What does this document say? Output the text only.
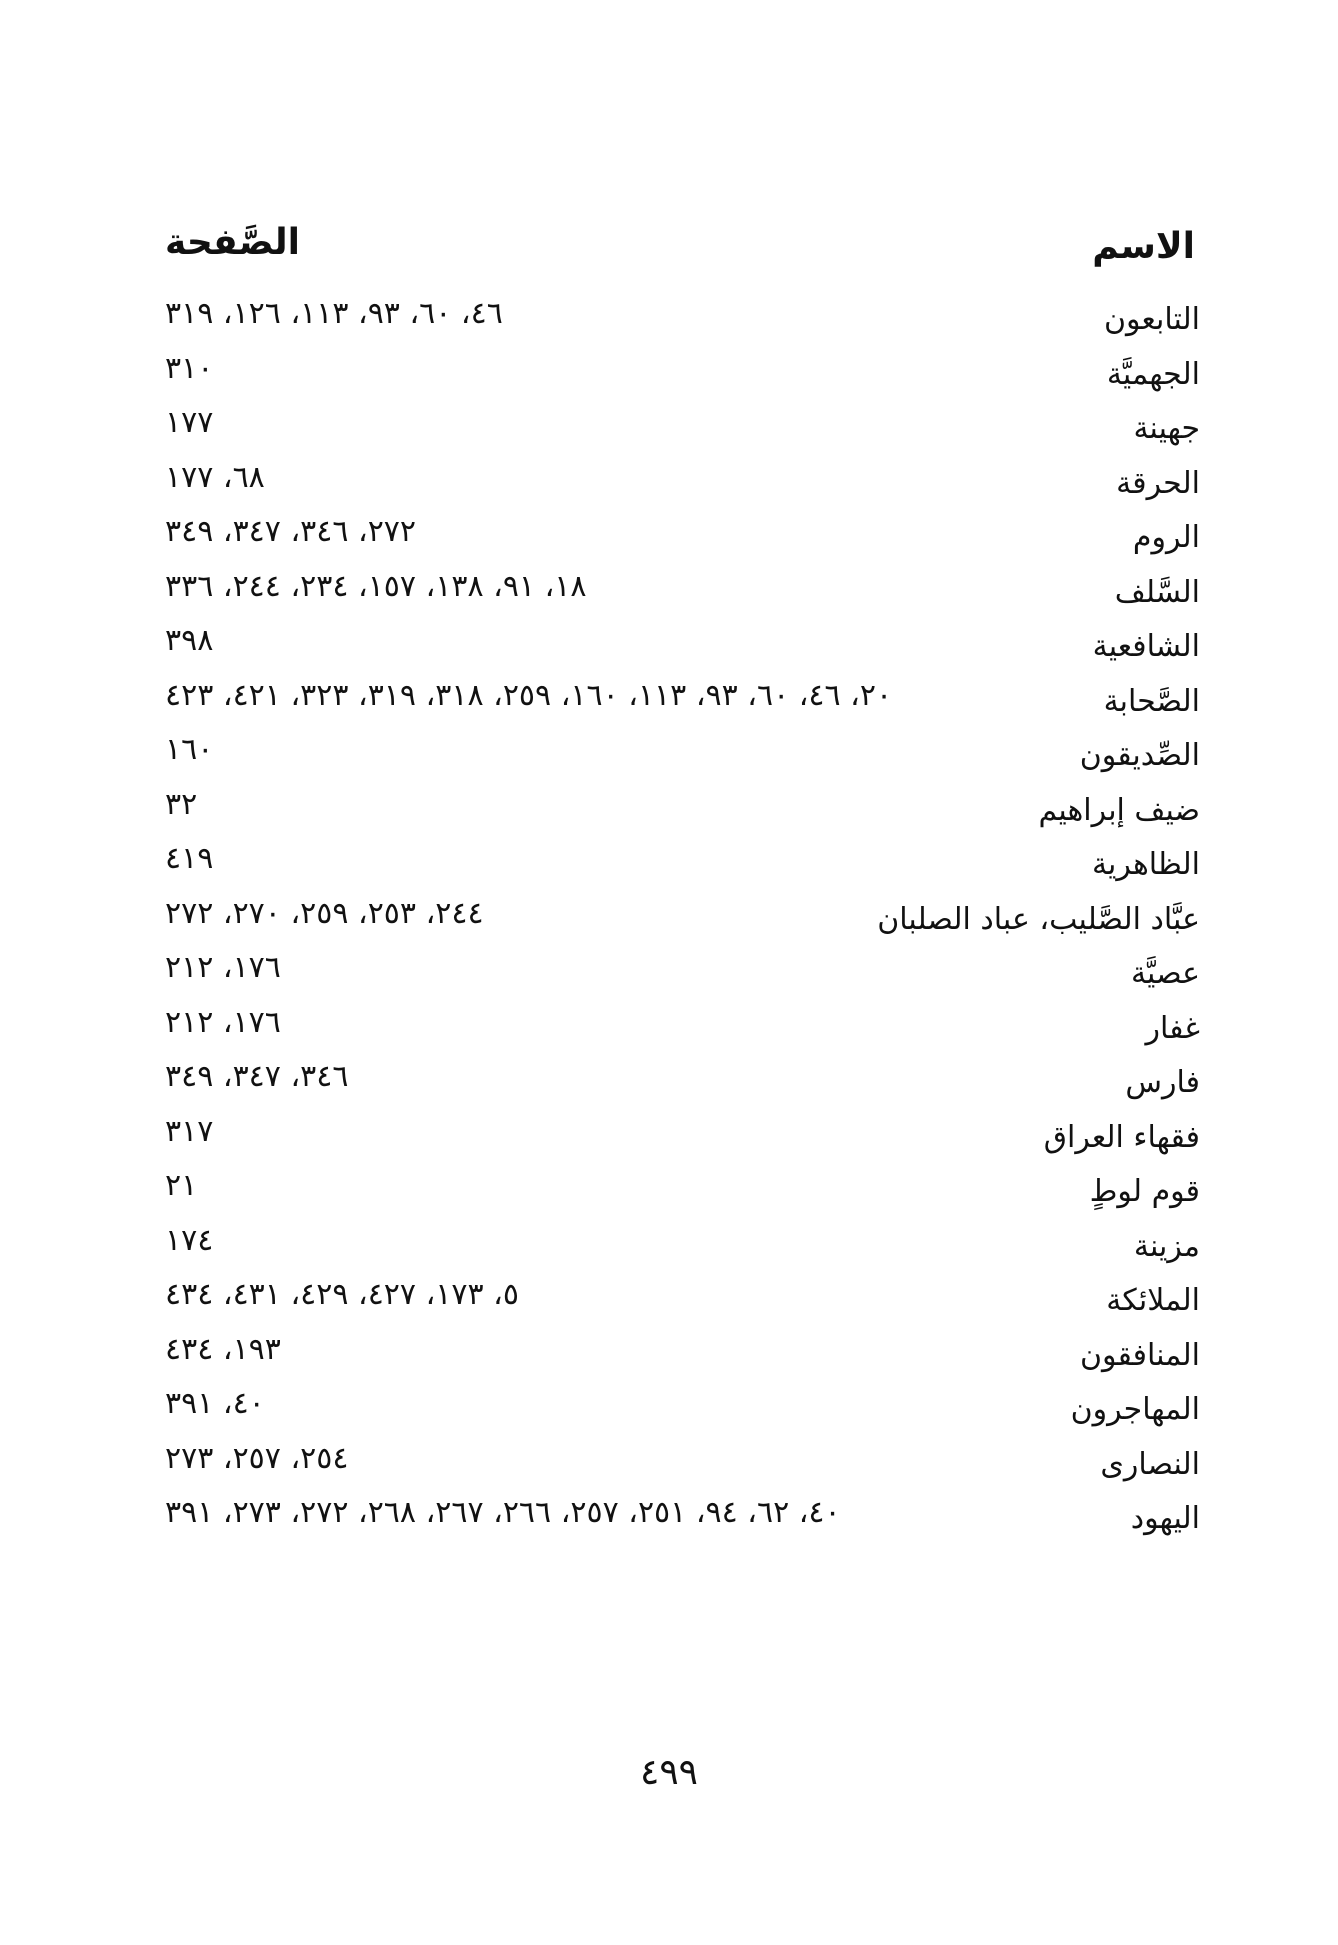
الاسم
الصَّفحة
التابعون
٤٦، ٦٠، ٩٣، ١١٣، ١٢٦، ٣١٩
الجهميَّة
٣١٠
جهينة
١٧٧
الحرقة
٦٨، ١٧٧
الروم
٢٧٢، ٣٤٦، ٣٤٧، ٣٤٩
السَّلف
١٨، ٩١، ١٣٨، ١٥٧، ٢٣٤، ٢٤٤، ٣٣٦
الشافعية
٣٩٨
الصَّحابة
٢٠، ٤٦، ٦٠، ٩٣، ١١٣، ١٦٠، ٢٥٩، ٣١٨، ٣١٩، ٣٢٣، ٤٢١، ٤٢٣
الصِّديقون
١٦٠
ضيف إبراهيم
٣٢
الظاهرية
٤١٩
عبَّاد الصَّليب، عباد الصلبان
٢٤٤، ٢٥٣، ٢٥٩، ٢٧٠، ٢٧٢
عصيَّة
١٧٦، ٢١٢
غفار
١٧٦، ٢١٢
فارس
٣٤٦، ٣٤٧، ٣٤٩
فقهاء العراق
٣١٧
قوم لوطٍ
٢١
مزينة
١٧٤
الملائكة
٥، ١٧٣، ٤٢٧، ٤٢٩، ٤٣١، ٤٣٤
المنافقون
١٩٣، ٤٣٤
المهاجرون
٤٠، ٣٩١
النصارى
٢٥٤، ٢٥٧، ٢٧٣
اليهود
٤٠، ٦٢، ٩٤، ٢٥١، ٢٥٧، ٢٦٦، ٢٦٧، ٢٦٨، ٢٧٢، ٢٧٣، ٣٩١
٤٩٩
